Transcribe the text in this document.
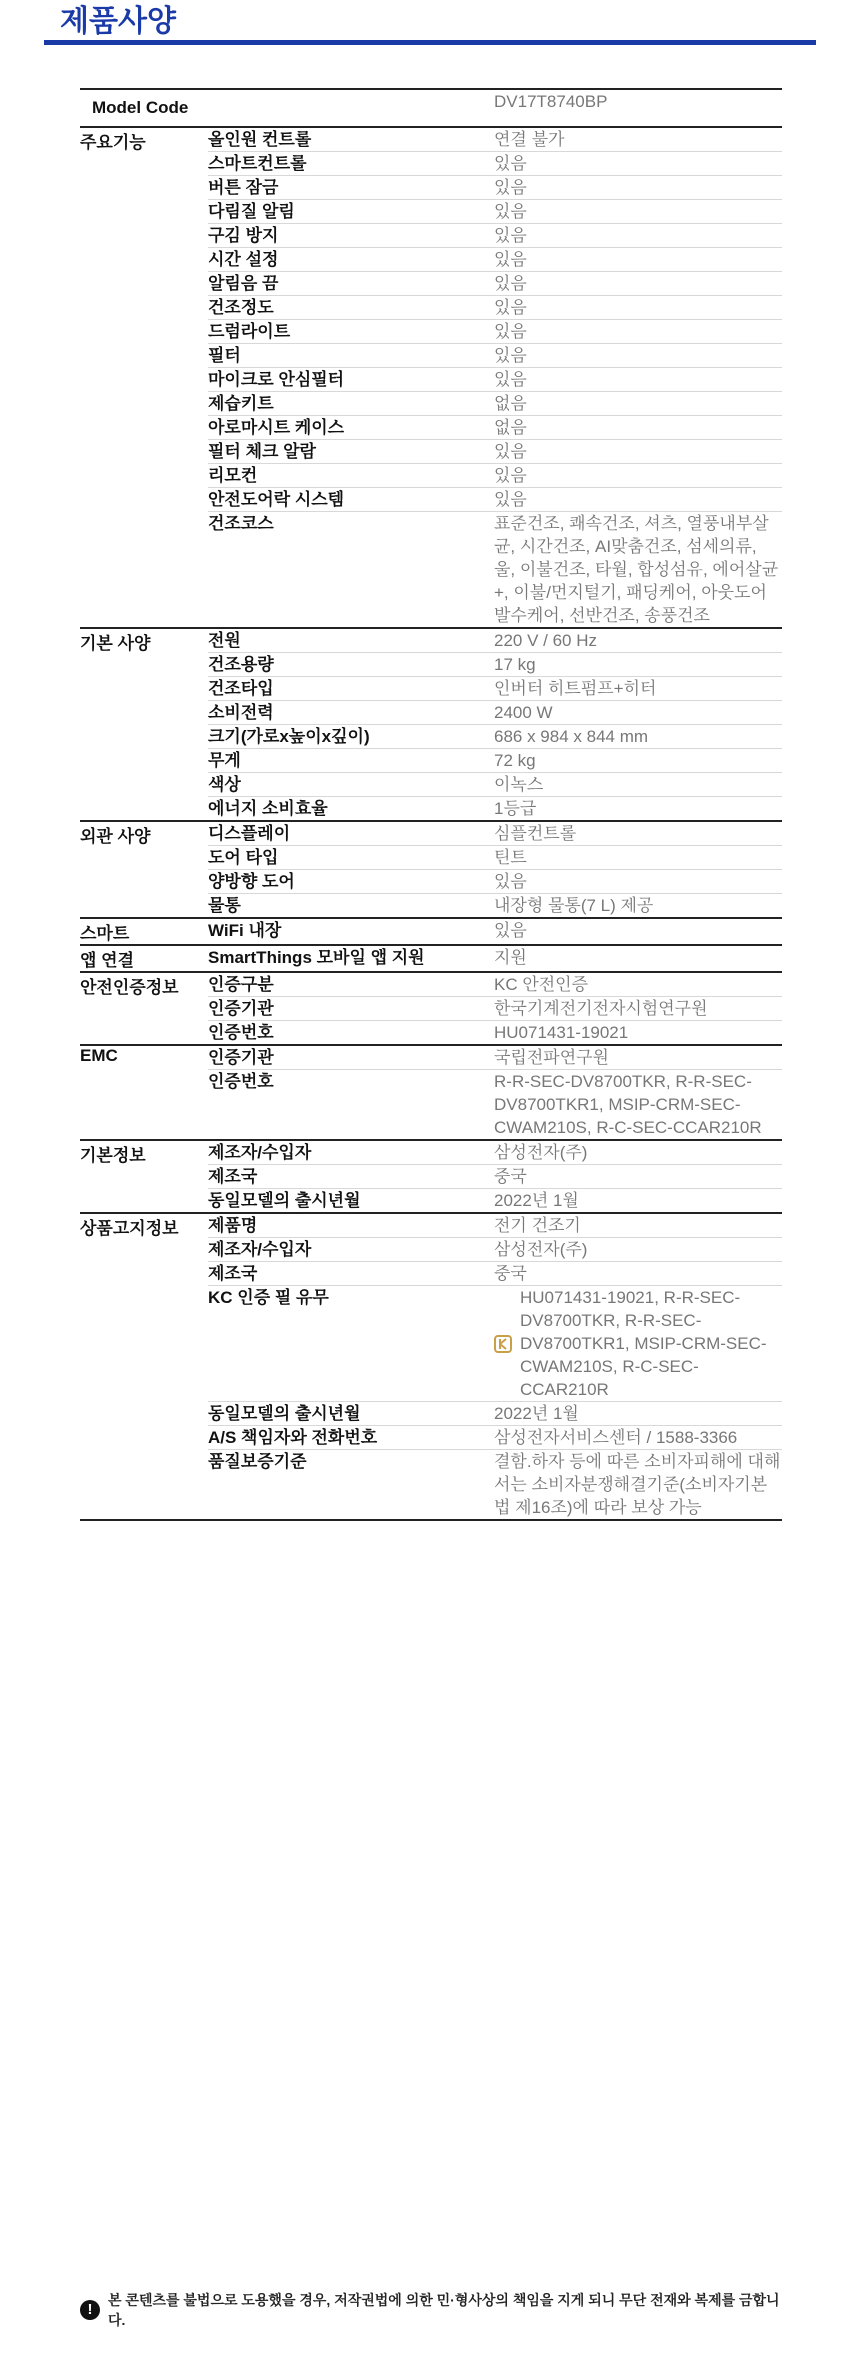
제품사양
Model Code		DV17T8740BP
주요기능	올인원 컨트롤	연결 불가
	스마트컨트롤	있음
	버튼 잠금	있음
	다림질 알림	있음
	구김 방지	있음
	시간 설정	있음
	알림음 끔	있음
	건조정도	있음
	드럼라이트	있음
	필터	있음
	마이크로 안심필터	있음
	제습키트	없음
	아로마시트 케이스	없음
	필터 체크 알람	있음
	리모컨	있음
	안전도어락 시스템	있음
	건조코스	표준건조, 쾌속건조, 셔츠, 열풍내부살균, 시간건조, AI맞춤건조, 섬세의류, 울, 이불건조, 타월, 합성섬유, 에어살균+, 이불/먼지털기, 패딩케어, 아웃도어발수케어, 선반건조, 송풍건조
기본 사양	전원	220 V / 60 Hz
	건조용량	17 kg
	건조타입	인버터 히트펌프+히터
	소비전력	2400 W
	크기(가로x높이x깊이)	686 x 984 x 844 mm
	무게	72 kg
	색상	이녹스
	에너지 소비효율	1등급
외관 사양	디스플레이	심플컨트롤
	도어 타입	틴트
	양방향 도어	있음
	물통	내장형 물통(7 L) 제공
스마트	WiFi 내장	있음
앱 연결	SmartThings 모바일 앱 지원	지원
안전인증정보	인증구분	KC 안전인증
	인증기관	한국기계전기전자시험연구원
	인증번호	HU071431-19021
EMC	인증기관	국립전파연구원
	인증번호	R-R-SEC-DV8700TKR, R-R-SEC-DV8700TKR1, MSIP-CRM-SEC-CWAM210S, R-C-SEC-CCAR210R
기본정보	제조자/수입자	삼성전자(주)
	제조국	중국
	동일모델의 출시년월	2022년 1월
상품고지정보	제품명	전기 건조기
	제조자/수입자	삼성전자(주)
	제조국	중국
	KC 인증 필 유무	HU071431-19021, R-R-SEC-DV8700TKR, R-R-SEC-DV8700TKR1, MSIP-CRM-SEC-CWAM210S, R-C-SEC-CCAR210R

	동일모델의 출시년월	2022년 1월
	A/S 책임자와 전화번호	삼성전자서비스센터 / 1588-3366
	품질보증기준	결함.하자 등에 따른 소비자피해에 대해서는 소비자분쟁해결기준(소비자기본법 제16조)에 따라 보상 가능
!
본 콘텐츠를 불법으로 도용했을 경우, 저작권법에 의한 민·형사상의 책임을 지게 되니 무단 전재와 복제를 금합니다.
